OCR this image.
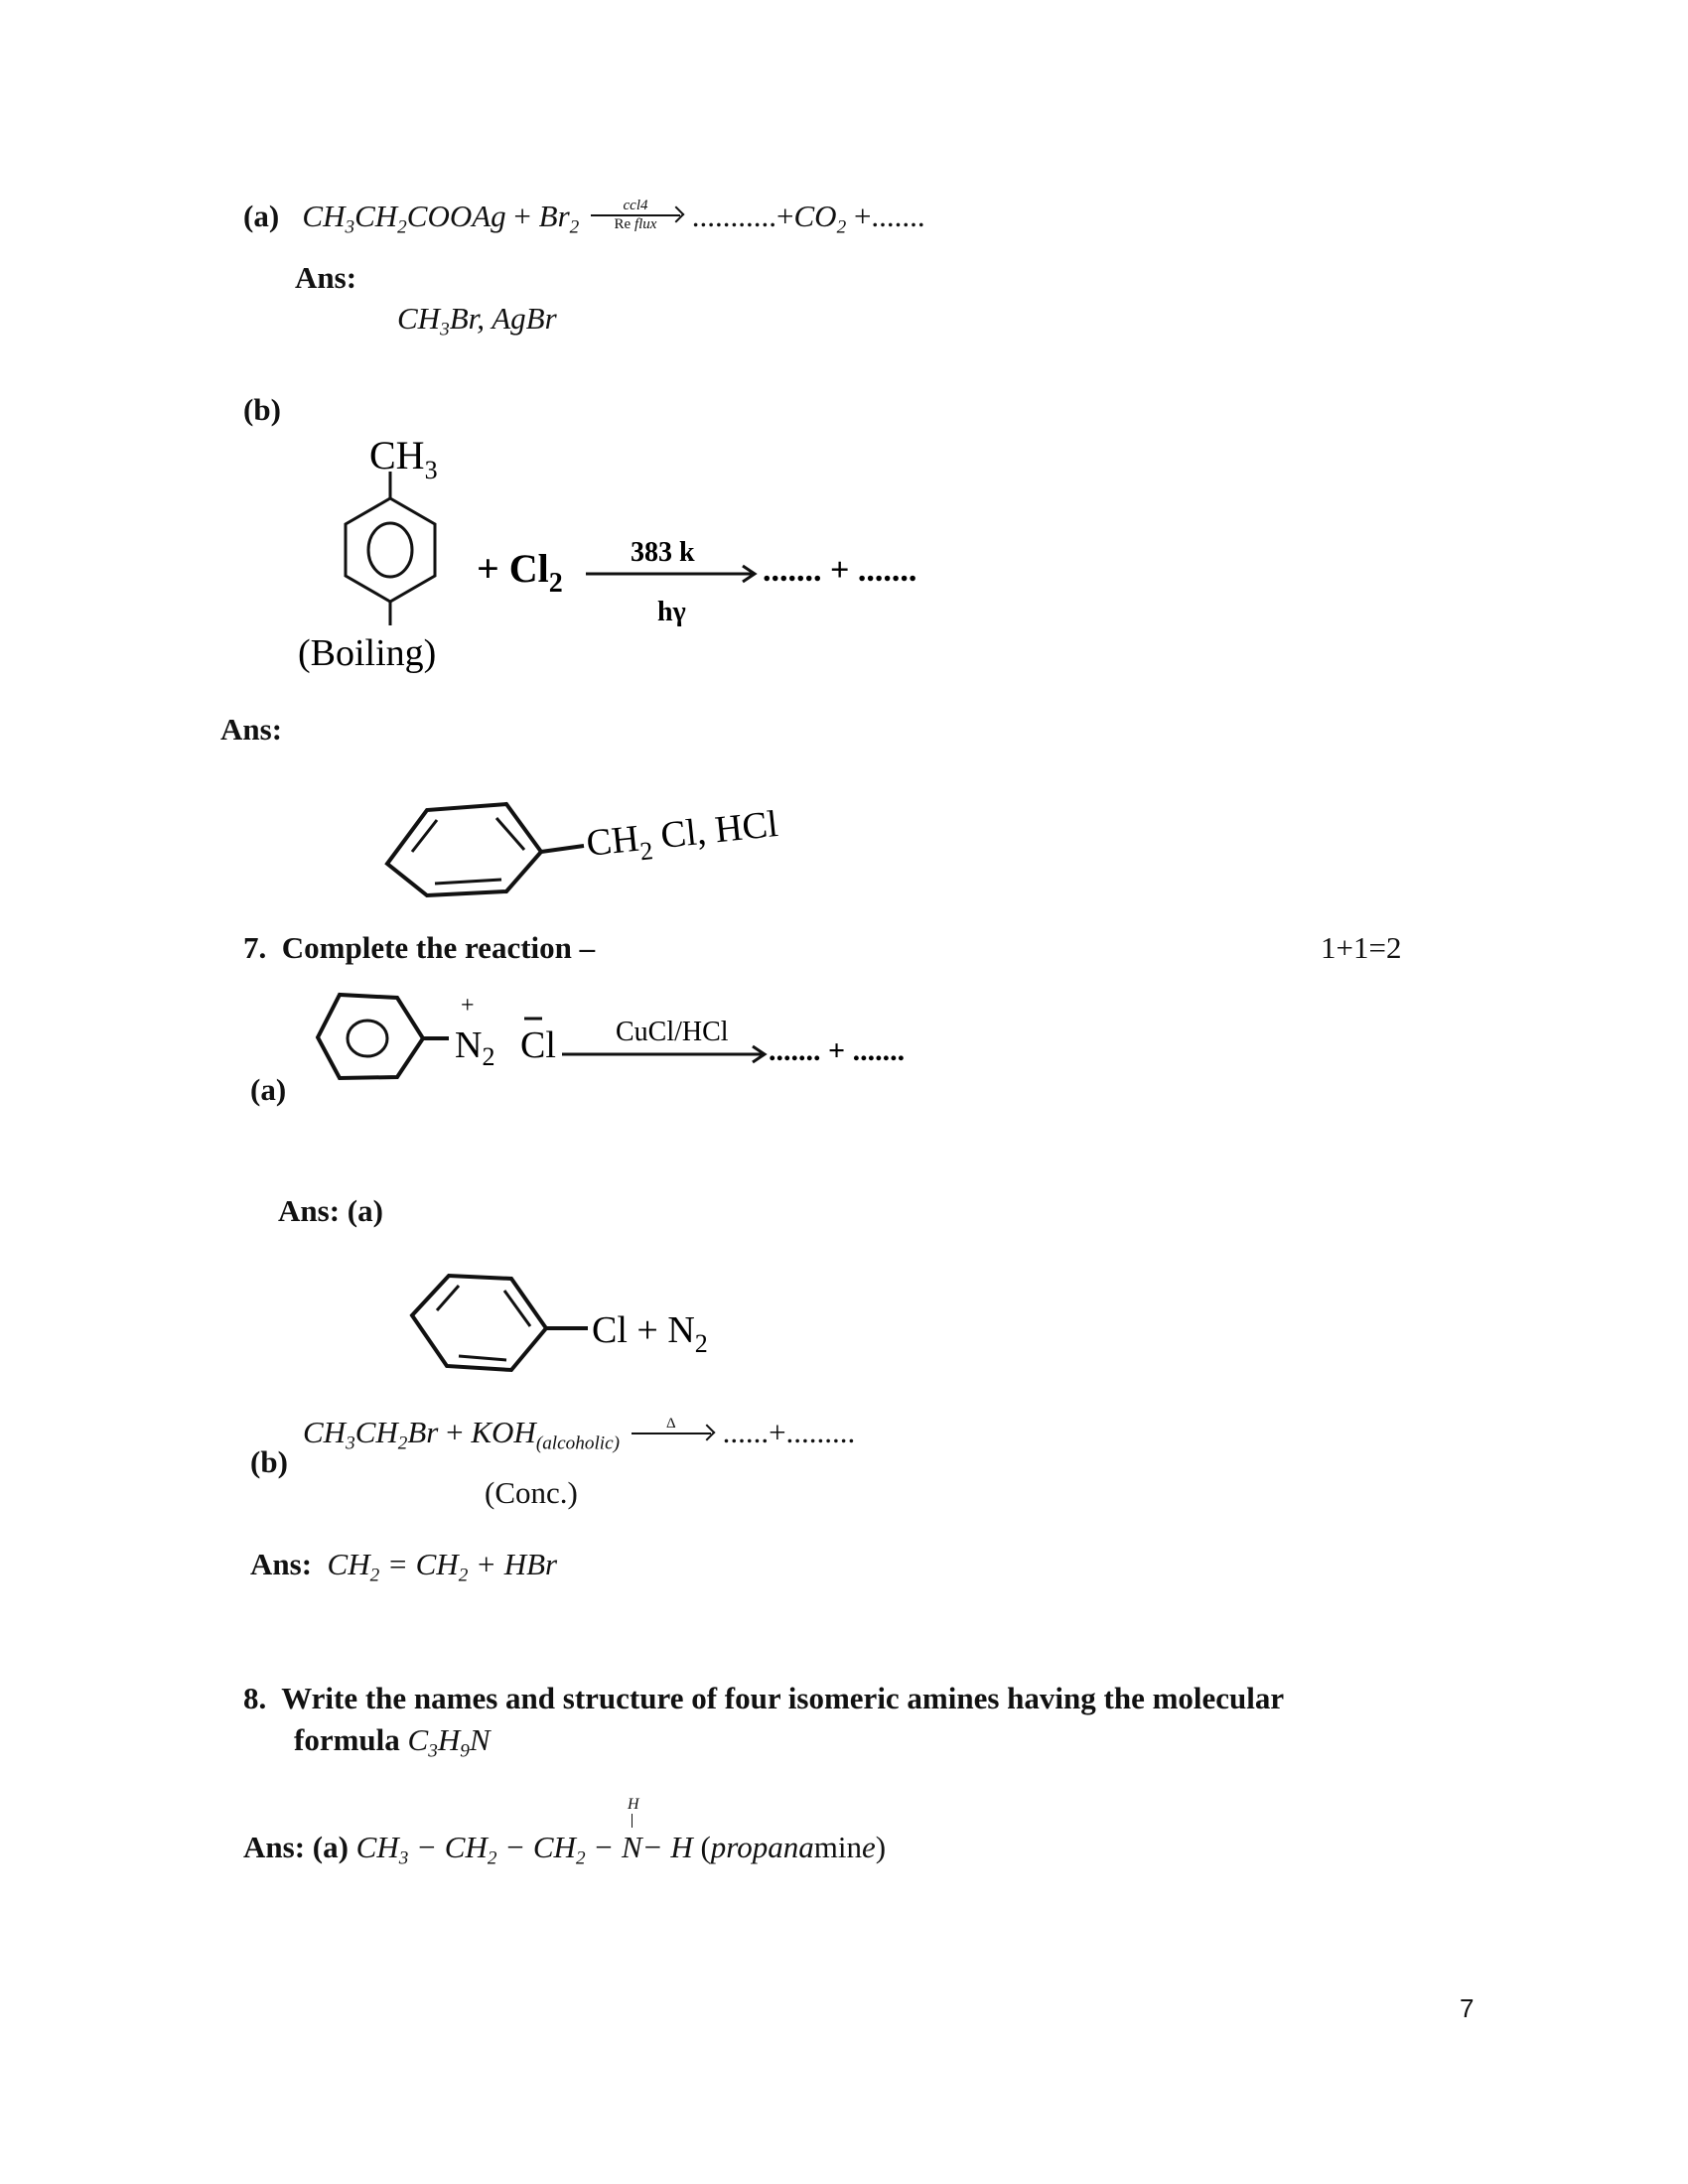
(a) $CH_3CH_2COOAg + Br_2$
ccl4
Re flux	$...........+CO_2$ +.......
Ans:
$CH_3Br$, AgBr
(b)
$CH_3$
(Boiling)
+ $Cl_2$
383 k
hγ
....... + .......
Ans:
$CH_2$ Cl, HCl
7. Complete the reaction –	1+1=2
$N_2$
+
Cl CuCl/HCl
....... + .......
(a)
Ans: (a)
$Cl + N_2$
$CH_3CH_2Br + KOH_{(alcoholic)}$
Δ	......+.........
(b)
(Conc.)
Ans: $CH_2 = CH_2$ + HBr
8. Write the names and structure of four isomeric amines having the molecular
formula $C_3H_9N$
Ans: (a) $CH_3 - CH_2 - CH_2 - N$
H
− H (propanamine)
7
